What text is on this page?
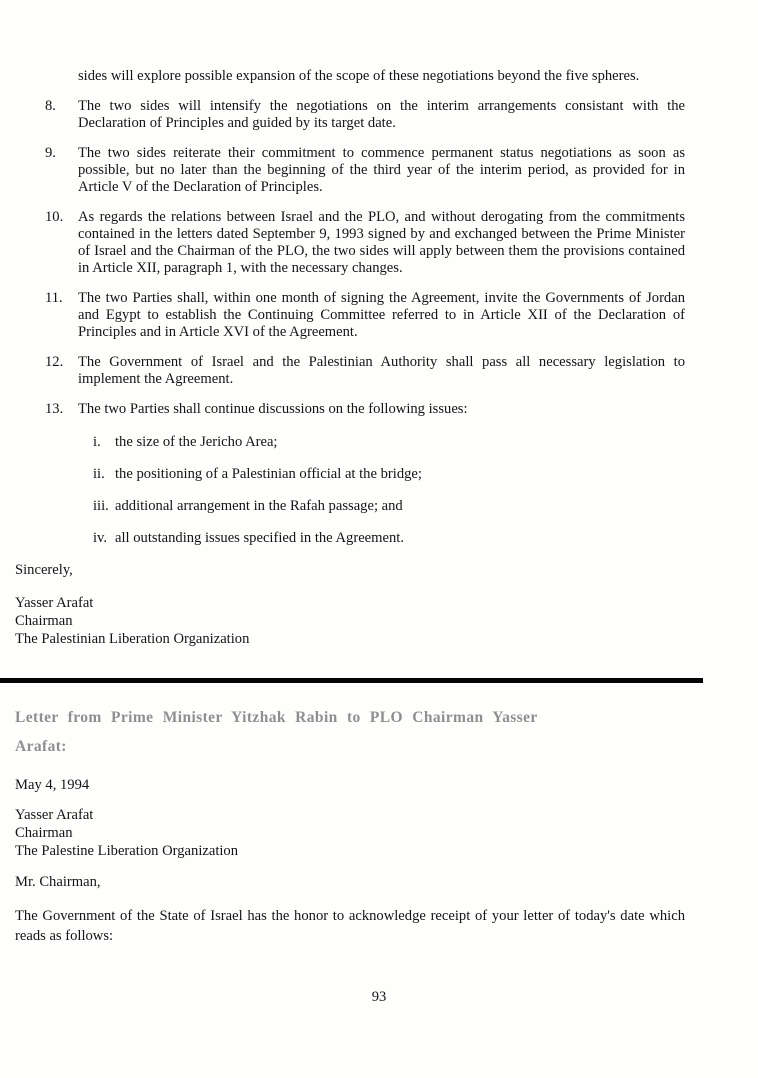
sides will explore possible expansion of the scope of these negotiations beyond the five spheres.

8. The two sides will intensify the negotiations on the interim arrangements consistant with the Declaration of Principles and guided by its target date.
9. The two sides reiterate their commitment to commence permanent status negotiations as soon as possible, but no later than the beginning of the third year of the interim period, as provided for in Article V of the Declaration of Principles.
10. As regards the relations between Israel and the PLO, and without derogating from the commitments contained in the letters dated September 9, 1993 signed by and exchanged between the Prime Minister of Israel and the Chairman of the PLO, the two sides will apply between them the provisions contained in Article XII, paragraph 1, with the necessary changes.
11. The two Parties shall, within one month of signing the Agreement, invite the Governments of Jordan and Egypt to establish the Continuing Committee referred to in Article XII of the Declaration of Principles and in Article XVI of the Agreement.
12. The Government of Israel and the Palestinian Authority shall pass all necessary legislation to implement the Agreement.
13. The two Parties shall continue discussions on the following issues:
i. the size of the Jericho Area;
ii. the positioning of a Palestinian official at the bridge;
iii. additional arrangement in the Rafah passage; and
iv. all outstanding issues specified in the Agreement.

Sincerely,

Yasser Arafat
Chairman
The Palestinian Liberation Organization
Letter from Prime Minister Yitzhak Rabin to PLO Chairman Yasser
Arafat:

May 4, 1994

Yasser Arafat
Chairman
The Palestine Liberation Organization

Mr. Chairman,

The Government of the State of Israel has the honor to acknowledge receipt of your letter of today's date which reads as follows:

93
